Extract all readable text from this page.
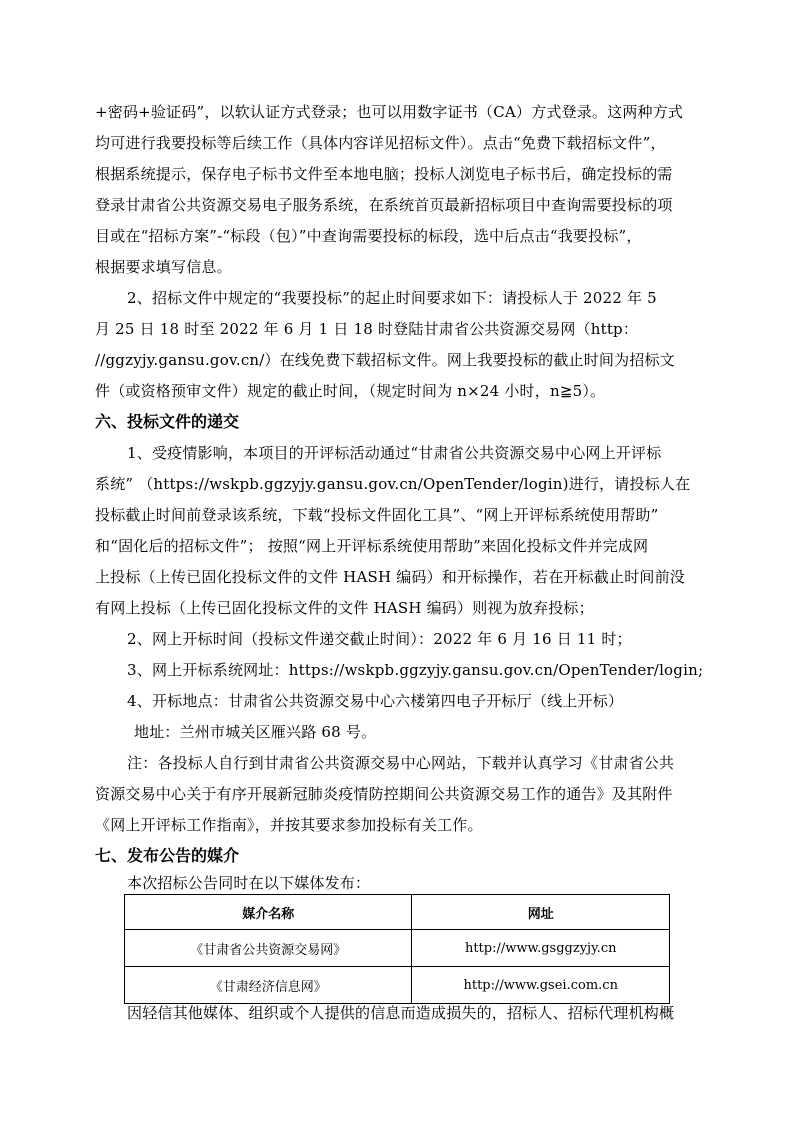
+密码+验证码”，以软认证方式登录；也可以用数字证书（CA）方式登录。这两种方式
均可进行我要投标等后续工作（具体内容详见招标文件）。点击“免费下载招标文件”，
根据系统提示，保存电子标书文件至本地电脑；投标人浏览电子标书后，确定投标的需
登录甘肃省公共资源交易电子服务系统，在系统首页最新招标项目中查询需要投标的项
目或在“招标方案”-“标段（包）”中查询需要投标的标段，选中后点击“我要投标”，
根据要求填写信息。
2、招标文件中规定的“我要投标”的起止时间要求如下：请投标人于 2022 年 5
月 25 日 18 时至 2022 年 6 月 1 日 18 时登陆甘肃省公共资源交易网（http：
//ggzyjy.gansu.gov.cn/）在线免费下载招标文件。网上我要投标的截止时间为招标文
件（或资格预审文件）规定的截止时间，（规定时间为 n×24 小时，n≧5）。
六、投标文件的递交
1、受疫情影响，本项目的开评标活动通过“甘肃省公共资源交易中心网上开评标
系统” （https://wskpb.ggzyjy.gansu.gov.cn/OpenTender/login)进行，请投标人在
投标截止时间前登录该系统，下载“投标文件固化工具”、“网上开评标系统使用帮助”
和“固化后的招标文件”； 按照“网上开评标系统使用帮助”来固化投标文件并完成网
上投标（上传已固化投标文件的文件 HASH 编码）和开标操作，若在开标截止时间前没
有网上投标（上传已固化投标文件的文件 HASH 编码）则视为放弃投标；
2、网上开标时间（投标文件递交截止时间）：2022 年 6 月 16 日 11 时；
3、网上开标系统网址：https://wskpb.ggzyjy.gansu.gov.cn/OpenTender/login;
4、开标地点：甘肃省公共资源交易中心六楼第四电子开标厅（线上开标）
地址：兰州市城关区雁兴路 68 号。
注：各投标人自行到甘肃省公共资源交易中心网站，下载并认真学习《甘肃省公共
资源交易中心关于有序开展新冠肺炎疫情防控期间公共资源交易工作的通告》及其附件
《网上开评标工作指南》，并按其要求参加投标有关工作。
七、发布公告的媒介
本次招标公告同时在以下媒体发布：
媒介名称	网址
《甘肃省公共资源交易网》	http://www.gsggzyjy.cn
《甘肃经济信息网》	http://www.gsei.com.cn
因轻信其他媒体、组织或个人提供的信息而造成损失的，招标人、招标代理机构概
